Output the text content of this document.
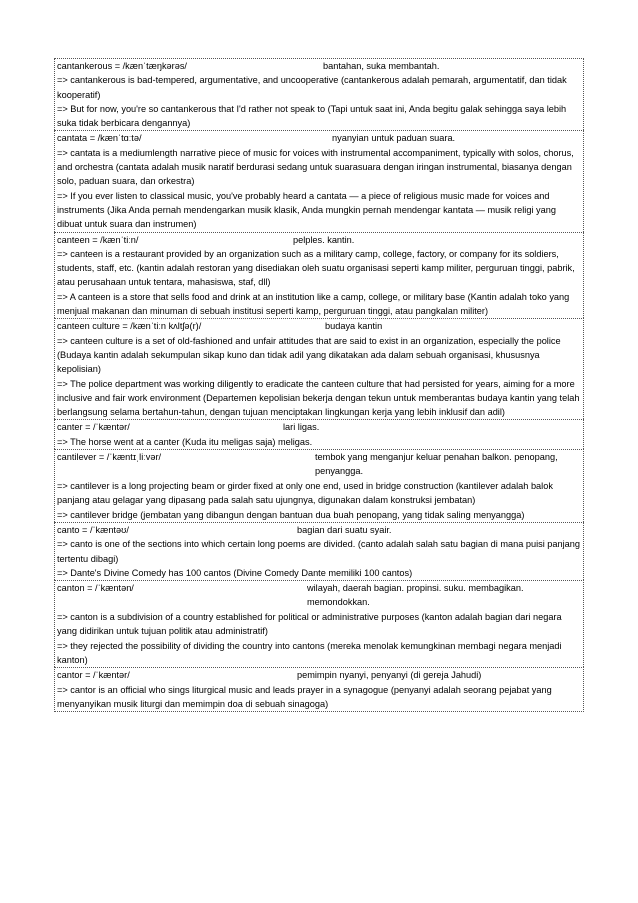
cantankerous = /kænˈtæŋkərəs/	bantahan, suka membantah.
=> cantankerous is bad-tempered, argumentative, and uncooperative (cantankerous adalah pemarah, argumentatif, dan tidak kooperatif)
=> But for now, you're so cantankerous that I'd rather not speak to (Tapi untuk saat ini, Anda begitu galak sehingga saya lebih suka tidak berbicara dengannya)
cantata = /kænˈtɑːtə/	nyanyian untuk paduan suara.
=> cantata is a mediumlength narrative piece of music for voices with instrumental accompaniment, typically with solos, chorus, and orchestra (cantata adalah musik naratif berdurasi sedang untuk suarasuara dengan iringan instrumental, biasanya dengan solo, paduan suara, dan orkestra)
=> If you ever listen to classical music, you've probably heard a cantata — a piece of religious music made for voices and instruments (Jika Anda pernah mendengarkan musik klasik, Anda mungkin pernah mendengar kantata — musik religi yang dibuat untuk suara dan instrumen)
canteen = /kænˈtiːn/	pelples. kantin.
=> canteen is a restaurant provided by an organization such as a military camp, college, factory, or company for its soldiers, students, staff, etc. (kantin adalah restoran yang disediakan oleh suatu organisasi seperti kamp militer, perguruan tinggi, pabrik, atau perusahaan untuk tentara, mahasiswa, staf, dll)
=> A canteen is a store that sells food and drink at an institution like a camp, college, or military base (Kantin adalah toko yang menjual makanan dan minuman di sebuah institusi seperti kamp, perguruan tinggi, atau pangkalan militer)
canteen culture = /kænˈtiːn kʌltʃə(r)/	budaya kantin
=> canteen culture is a set of old-fashioned and unfair attitudes that are said to exist in an organization, especially the police (Budaya kantin adalah sekumpulan sikap kuno dan tidak adil yang dikatakan ada dalam sebuah organisasi, khususnya kepolisian)
=> The police department was working diligently to eradicate the canteen culture that had persisted for years, aiming for a more inclusive and fair work environment (Departemen kepolisian bekerja dengan tekun untuk memberantas budaya kantin yang telah berlangsung selama bertahun-tahun, dengan tujuan menciptakan lingkungan kerja yang lebih inklusif dan adil)
canter = /ˈkæntər/	lari ligas.
=> The horse went at a canter (Kuda itu meligas saja) meligas.
cantilever = /ˈkæntɪˌliːvər/	tembok yang menganjur keluar penahan balkon. penopang, penyangga.
=> cantilever is a long projecting beam or girder fixed at only one end, used in bridge construction (kantilever adalah balok panjang atau gelagar yang dipasang pada salah satu ujungnya, digunakan dalam konstruksi jembatan)
=> cantilever bridge (jembatan yang dibangun dengan bantuan dua buah penopang, yang tidak saling menyangga)
canto = /ˈkæntəʊ/	bagian dari suatu syair.
=> canto is one of the sections into which certain long poems are divided. (canto adalah salah satu bagian di mana puisi panjang tertentu dibagi)
=> Dante's Divine Comedy has 100 cantos (Divine Comedy Dante memiliki 100 cantos)
canton = /ˈkæntən/	wilayah, daerah bagian. propinsi. suku. membagikan. memondokkan.
=> canton is a subdivision of a country established for political or administrative purposes (kanton adalah bagian dari negara yang didirikan untuk tujuan politik atau administratif)
=> they rejected the possibility of dividing the country into cantons (mereka menolak kemungkinan membagi negara menjadi kanton)
cantor = /ˈkæntər/	pemimpin nyanyi, penyanyi (di gereja Jahudi)
=> cantor is an official who sings liturgical music and leads prayer in a synagogue (penyanyi adalah seorang pejabat yang menyanyikan musik liturgi dan memimpin doa di sebuah sinagoga)
